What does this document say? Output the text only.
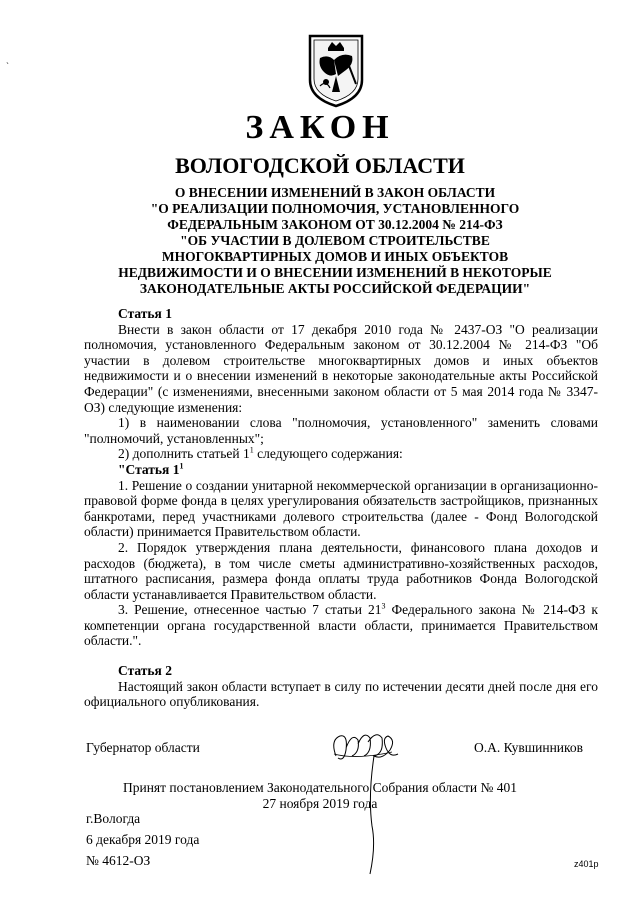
ˏ
ЗАКОН
ВОЛОГОДСКОЙ ОБЛАСТИ
О ВНЕСЕНИИ ИЗМЕНЕНИЙ В ЗАКОН ОБЛАСТИ
"О РЕАЛИЗАЦИИ ПОЛНОМОЧИЯ, УСТАНОВЛЕННОГО
ФЕДЕРАЛЬНЫМ ЗАКОНОМ ОТ 30.12.2004 № 214-ФЗ
"ОБ УЧАСТИИ В ДОЛЕВОМ СТРОИТЕЛЬСТВЕ
МНОГОКВАРТИРНЫХ ДОМОВ И ИНЫХ ОБЪЕКТОВ
НЕДВИЖИМОСТИ И О ВНЕСЕНИИ ИЗМЕНЕНИЙ В НЕКОТОРЫЕ
ЗАКОНОДАТЕЛЬНЫЕ АКТЫ РОССИЙСКОЙ ФЕДЕРАЦИИ"
Статья 1

Внести в закон области от 17 декабря 2010 года № 2437-ОЗ "О реализации полномочия, установленного Федеральным законом от 30.12.2004 № 214-ФЗ "Об участии в долевом строительстве многоквартирных домов и иных объектов недвижимости и о внесении изменений в некоторые законодательные акты Российской Федерации" (с изменениями, внесенными законом области от 5 мая 2014 года № 3347-ОЗ) следующие изменения:

1) в наименовании слова "полномочия, установленного" заменить словами "полномочий, установленных";

2) дополнить статьей $1^1$ следующего содержания:

"Статья $1^1$

1. Решение о создании унитарной некоммерческой организации в организационно-правовой форме фонда в целях урегулирования обязательств застройщиков, признанных банкротами, перед участниками долевого строительства (далее - Фонд Вологодской области) принимается Правительством области.

2. Порядок утверждения плана деятельности, финансового плана доходов и расходов (бюджета), в том числе сметы административно-хозяйственных расходов, штатного расписания, размера фонда оплаты труда работников Фонда Вологодской области устанавливается Правительством области.

3. Решение, отнесенное частью 7 статьи $21^3$ Федерального закона № 214-ФЗ к компетенции органа государственной власти области, принимается Правительством области.".

Статья 2

Настоящий закон области вступает в силу по истечении десяти дней после дня его официального опубликования.

Губернатор области	О.А. Кувшинников
Принят постановлением Законодательного Собрания области № 401
27 ноября 2019 года
г.Вологда
6 декабря 2019 года
№ 4612-ОЗ	z401p
